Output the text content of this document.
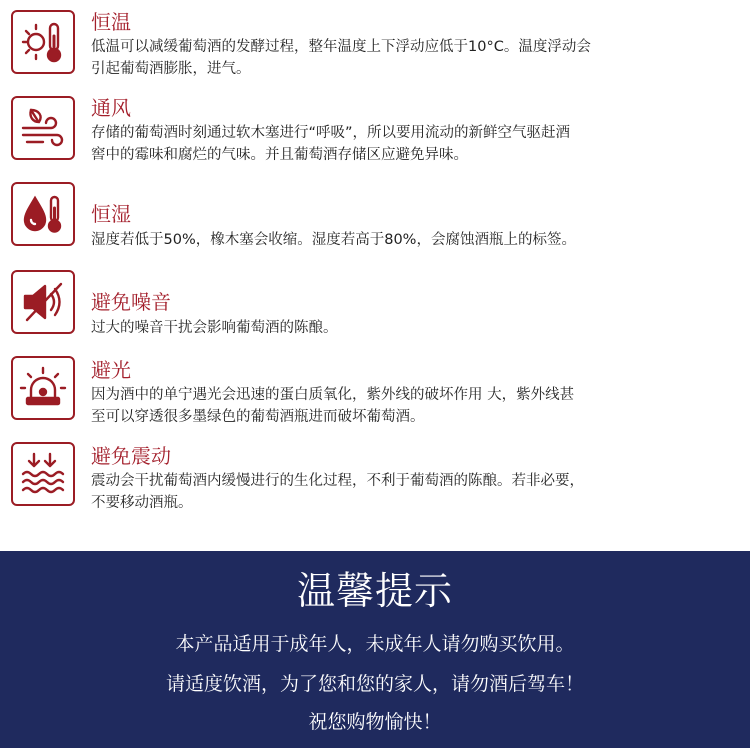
恒温
低温可以减缓葡萄酒的发酵过程，整年温度上下浮动应低于10°C。温度浮动会
引起葡萄酒膨胀，进气。
通风
存储的葡萄酒时刻通过软木塞进行“呼吸”，所以要用流动的新鲜空气驱赶酒
窖中的霉味和腐烂的气味。并且葡萄酒存储区应避免异味。
恒湿
湿度若低于50%，橡木塞会收缩。湿度若高于80%，会腐蚀酒瓶上的标签。
避免噪音
过大的噪音干扰会影响葡萄酒的陈酿。
避光
因为酒中的单宁遇光会迅速的蛋白质氧化，紫外线的破坏作用 大，紫外线甚
至可以穿透很多墨绿色的葡萄酒瓶进而破坏葡萄酒。
避免震动
震动会干扰葡萄酒内缓慢进行的生化过程，不利于葡萄酒的陈酿。若非必要，
不要移动酒瓶。
温馨提示
本产品适用于成年人，未成年人请勿购买饮用。
请适度饮酒，为了您和您的家人，请勿酒后驾车！
祝您购物愉快！
